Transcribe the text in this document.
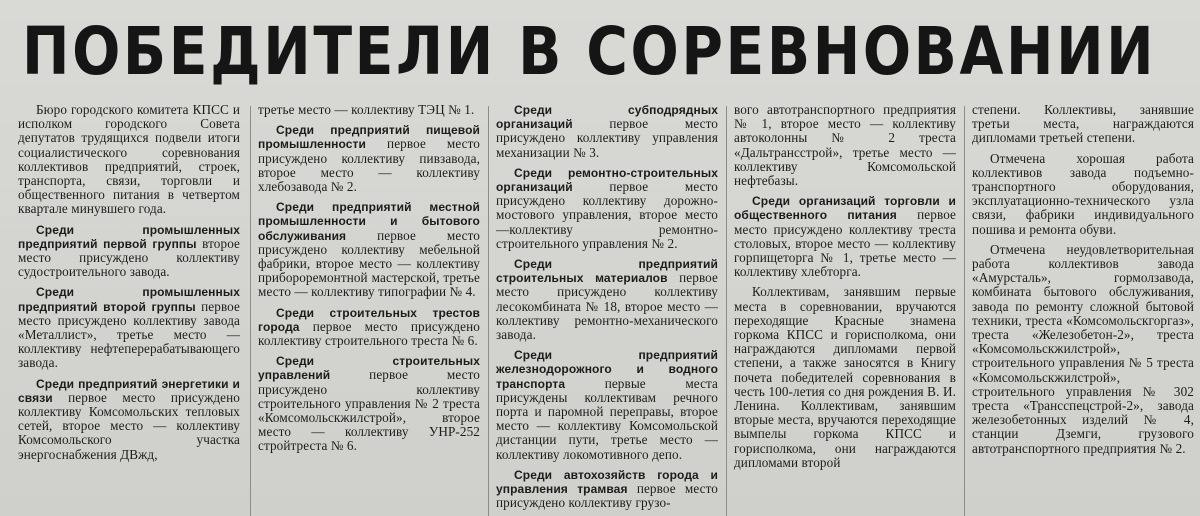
ПОБЕДИТЕЛИ В СОРЕВНОВАНИИ

Бюро городского комитета КПСС и исполком городского Совета депутатов трудящихся подвели итоги социалистического соревнования коллективов предприятий, строек, транспорта, связи, торговли и общественного питания в четвертом квартале минувшего года.

Среди промышленных предприятий первой группы второе место присуждено коллективу судостроительного завода.

Среди промышленных предприятий второй группы первое место присуждено коллективу завода «Металлист», третье место — коллективу нефтеперерабатывающего завода.

Среди предприятий энергетики и связи первое место присуждено коллективу Комсомольских тепловых сетей, второе место — коллективу Комсомольского участка энергоснабжения ДВжд,

третье место — коллективу ТЭЦ № 1.

Среди предприятий пищевой промышленности первое место присуждено коллективу пивзавода, второе место — коллективу хлебозавода № 2.

Среди предприятий местной промышленности и бытового обслуживания первое место присуждено коллективу мебельной фабрики, второе место — коллективу прибороремонтной мастерской, третье место — коллективу типографии № 4.

Среди строительных трестов города первое место присуждено коллективу строительного треста № 6.

Среди строительных управлений первое место присуждено коллективу строительного управления № 2 треста «Комсомольскжилстрой», второе место — коллективу УНР-252 стройтреста № 6.

Среди субподрядных организаций первое место присуждено коллективу управления механизации № 3.

Среди ремонтно-строительных организаций первое место присуждено коллективу дорожно-мостового управления, второе место—коллективу ремонтно-строительного управления № 2.

Среди предприятий строительных материалов первое место присуждено коллективу лесокомбината № 18, второе место — коллективу ремонтно-механического завода.

Среди предприятий железнодорожного и водного транспорта первые места присуждены коллективам речного порта и паромной переправы, второе место — коллективу Комсомольской дистанции пути, третье место — коллективу локомотивного депо.

Среди автохозяйств города и управления трамвая первое место присуждено коллективу грузо-

вого автотранспортного предприятия № 1, второе место — коллективу автоколонны № 2 треста «Дальтрансстрой», третье место — коллективу Комсомольской нефтебазы.

Среди организаций торговли и общественного питания первое место присуждено коллективу треста столовых, второе место — коллективу горпищеторга № 1, третье место — коллективу хлебторга.

Коллективам, занявшим первые места в соревновании, вручаются переходящие Красные знамена горкома КПСС и горисполкома, они награждаются дипломами первой степени, а также заносятся в Книгу почета победителей соревнования в честь 100-летия со дня рождения В. И. Ленина. Коллективам, занявшим вторые места, вручаются переходящие вымпелы горкома КПСС и горисполкома, они награждаются дипломами второй

степени. Коллективы, занявшие третьи места, награждаются дипломами третьей степени.

Отмечена хорошая работа коллективов завода подъемно-транспортного оборудования, эксплуатационно-технического узла связи, фабрики индивидуального пошива и ремонта обуви.

Отмечена неудовлетворительная работа коллективов завода «Амурсталь», гормолзавода, комбината бытового обслуживания, завода по ремонту сложной бытовой техники, треста «Комсомольскгоргаз», треста «Железобетон-2», треста «Комсомольскжилстрой», строительного управления № 5 треста «Комсомольскжилстрой», строительного управления № 302 треста «Трансспецстрой-2», завода железобетонных изделий № 4, станции Дземги, грузового автотранспортного предприятия № 2.
